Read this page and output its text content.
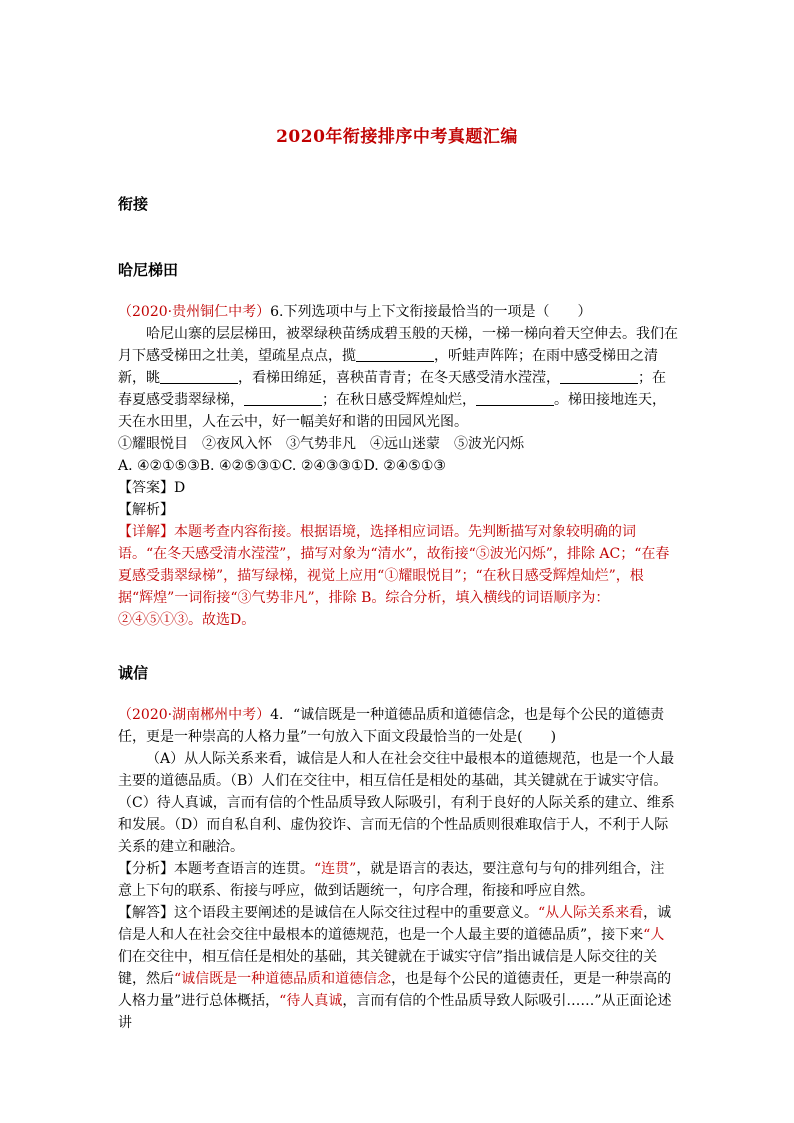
2020年衔接排序中考真题汇编
衔接
哈尼梯田

（2020·贵州铜仁中考）6.下列选项中与上下文衔接最恰当的一项是（　　）

哈尼山寨的层层梯田，被翠绿秧苗绣成碧玉般的天梯，一梯一梯向着天空伸去。我们在月下感受梯田之壮美，望疏星点点，揽	，听蛙声阵阵；在雨中感受梯田之清新，眺	，看梯田绵延，喜秧苗青青；在冬天感受清水滢滢，	；在春夏感受翡翠绿梯，	；在秋日感受辉煌灿烂，	。梯田接地连天，天在水田里，人在云中，好一幅美好和谐的田园风光图。

①耀眼悦目　②夜风入怀　③气势非凡　④远山迷蒙　⑤波光闪烁

A. ④②①⑤③B. ④②⑤③①C. ②④③③①D. ②④⑤①③

【答案】D

【解析】

【详解】本题考查内容衔接。根据语境，选择相应词语。先判断描写对象较明确的词语。“在冬天感受清水滢滢”，描写对象为“清水”，故衔接“⑤波光闪烁”，排除 AC；“在春夏感受翡翠绿梯”，描写绿梯，视觉上应用“①耀眼悦目”；“在秋日感受辉煌灿烂”，根据“辉煌”一词衔接“③气势非凡”，排除 B。综合分析，填入横线的词语顺序为：②④⑤①③。故选D。

诚信

（2020·湖南郴州中考）4．“诚信既是一种道德品质和道德信念，也是每个公民的道德责任，更是一种崇高的人格力量”一句放入下面文段最恰当的一处是(　　)

（A）从人际关系来看，诚信是人和人在社会交往中最根本的道德规范，也是一个人最主要的道德品质。（B）人们在交往中，相互信任是相处的基础，其关键就在于诚实守信。（C）待人真诚，言而有信的个性品质导致人际吸引，有利于良好的人际关系的建立、维系和发展。（D）而自私自利、虚伪狡诈、言而无信的个性品质则很难取信于人，不利于人际关系的建立和融洽。

【分析】本题考查语言的连贯。“连贯”，就是语言的表达，要注意句与句的排列组合，注意上下句的联系、衔接与呼应，做到话题统一，句序合理，衔接和呼应自然。

【解答】这个语段主要阐述的是诚信在人际交往过程中的重要意义。“从人际关系来看，诚信是人和人在社会交往中最根本的道德规范，也是一个人最主要的道德品质”，接下来“人们在交往中，相互信任是相处的基础，其关键就在于诚实守信”指出诚信是人际交往的关键，然后“诚信既是一种道德品质和道德信念，也是每个公民的道德责任，更是一种崇高的人格力量”进行总体概括，“待人真诚，言而有信的个性品质导致人际吸引……”从正面论述讲
